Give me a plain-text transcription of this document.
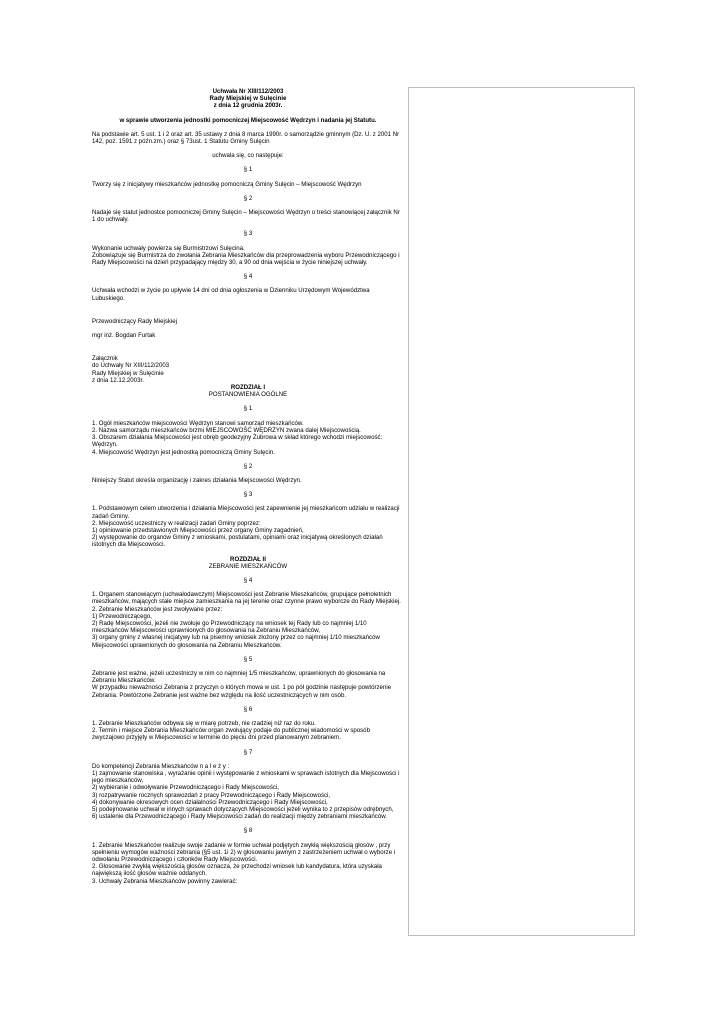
Uchwała Nr XIII/112/2003
Rady Miejskiej w Sulęcinie
z dnia 12 grudnia 2003r.
w sprawie utworzenia jednostki pomocniczej Miejscowość Wędrzyn i nadania jej Statutu.
Na podstawie art. 5 ust. 1 i 2 oraz art. 35 ustawy z dnia 8 marca 1990r. o samorządzie gminnym (Dz. U. z 2001 Nr 142, poz. 1591 z późn.zm.) oraz § 73ust. 1 Statutu Gminy Sulęcin
uchwala się, co następuje:
§ 1
Tworzy się z inicjatywy mieszkańców jednostkę pomocniczą Gminy Sulęcin – Miejscowość Wędrzyn
§ 2
Nadaje się statut jednostce pomocniczej Gminy Sulęcin – Miejscowości Wędrzyn o treści stanowiącej załącznik Nr 1 do uchwały.
§ 3
Wykonanie uchwały powierza się Burmistrzowi Sulęcina.
Zobowiązuje się Burmistrza do zwołania Zebrania Mieszkańców dla przeprowadzenia wyboru Przewodniczącego i Rady Miejscowości na dzień przypadający między 30, a 90 od dnia wejścia w życie niniejszej uchwały.
§ 4
Uchwała wchodzi w życie po upływie 14 dni od dnia ogłoszenia w Dzienniku Urzędowym Województwa Lubuskiego.
Przewodniczący Rady Miejskiej
mgr inż. Bogdan Furtak
Załącznik
do Uchwały Nr XIII/112/2003
Rady Miejskiej w Sulęcinie
z dnia 12.12.2003r.
ROZDZIAŁ I
POSTANOWIENIA OGÓLNE
§ 1
1. Ogół mieszkańców miejscowości Wędrzyn stanowi samorząd mieszkańców.
2. Nazwa samorządu mieszkańców brzmi MIEJSCOWOŚĆ WĘDRZYN zwana dalej Miejscowością.
3. Obszarem działania Miejscowości jest obręb geodezyjny Żubrowa w skład którego wchodzi miejscowość: Wędrzyn.
4. Miejscowość Wędrzyn jest jednostką pomocniczą Gminy Sulęcin.
§ 2
Niniejszy Statut określa organizację i zakres działania Miejscowości Wędrzyn.
§ 3
1. Podstawowym celem utworzenia i działania Miejscowości jest zapewnienie jej mieszkańcom udziału w realizacji zadań Gminy.
2. Miejscowość uczestniczy w realizacji zadań Gminy poprzez:
1) opiniowanie przedstawionych Miejscowości przez organy Gminy zagadnień,
2) występowanie do organów Gminy z wnioskami, postulatami, opiniami oraz inicjatywą określonych działań istotnych dla Miejscowości.
ROZDZIAŁ II
ZEBRANIE MIESZKAŃCÓW
§ 4
1. Organem stanowiącym (uchwałodawczym) Miejscowości jest Zebranie Mieszkańców, grupujące pełnoletnich mieszkańców, mających stałe miejsce zamieszkania na jej terenie oraz czynne prawo wyborcze do Rady Miejskiej.
2. Zebranie Mieszkańców jest zwoływane przez:
1) Przewodniczącego,
2) Radę Miejscowości, jeżeli nie zwołuje go Przewodniczący na wniosek tej Rady lub co najmniej 1/10 mieszkańców Miejscowości uprawnionych do głosowania na Zebraniu Mieszkańców,
3) organy gminy z własnej inicjatywy lub na pisemny wniosek złożony przez co najmniej 1/10 mieszkańców Miejscowości uprawnionych do głosowania na Zebraniu Mieszkańców.
§ 5
Zebranie jest ważne, jeżeli uczestniczy w nim co najmniej 1/5 mieszkańców, uprawnionych do głosowania na Zebraniu Mieszkańców.
W przypadku nieważności Zebrania z przyczyn o których mowa w ust. 1 po pół godzinie następuje powtórzenie Zebrania. Powtórzone Zebranie jest ważne bez względu na ilość uczestniczących w nim osób.
§ 6
1. Zebranie Mieszkańców odbywa się w miarę potrzeb, nie rzadziej niż raz do roku.
2. Termin i miejsce Zebrania Mieszkańców organ zwołujący podaje do publicznej wiadomości w sposób zwyczajowo przyjęty w Miejscowości w terminie do pięciu dni przed planowanym zebraniem.
§ 7
Do kompetencji Zebrania Mieszkańców n a l e ż y :
1) zajmowanie stanowiska , wyrażanie opinii i występowanie z wnioskami w sprawach istotnych dla Miejscowości i jego mieszkańców,
2) wybieranie i odwoływanie Przewodniczącego i Rady Miejscowości,
3) rozpatrywanie rocznych sprawozdań z pracy Przewodniczącego i Rady Miejscowości,
4) dokonywanie okresowych ocen działalności Przewodniczącego i Rady Miejscowości,
5) podejmowanie uchwał w innych sprawach dotyczących Miejscowości jeżeli wynika to z przepisów odrębnych,
6) ustalenie dla Przewodniczącego i Rady Miejscowości zadań do realizacji między zebraniami mieszkańców.
§ 8
1. Zebranie Mieszkańców realizuje swoje zadanie w formie uchwał podjętych zwykłą większością głosów , przy spełnieniu wymogów ważności zebrania (§5 ust. 1i 2) w głosowaniu jawnym z zastrzeżeniem uchwał o wyborze i odwołaniu Przewodniczącego i członków Rady Miejscowości.
2. Głosowanie zwykłą większością głosów oznacza, że przechodzi wniosek lub kandydatura, która uzyskała największą ilość głosów ważnie oddanych.
3. Uchwały Zebrania Mieszkańców powinny zawierać:
